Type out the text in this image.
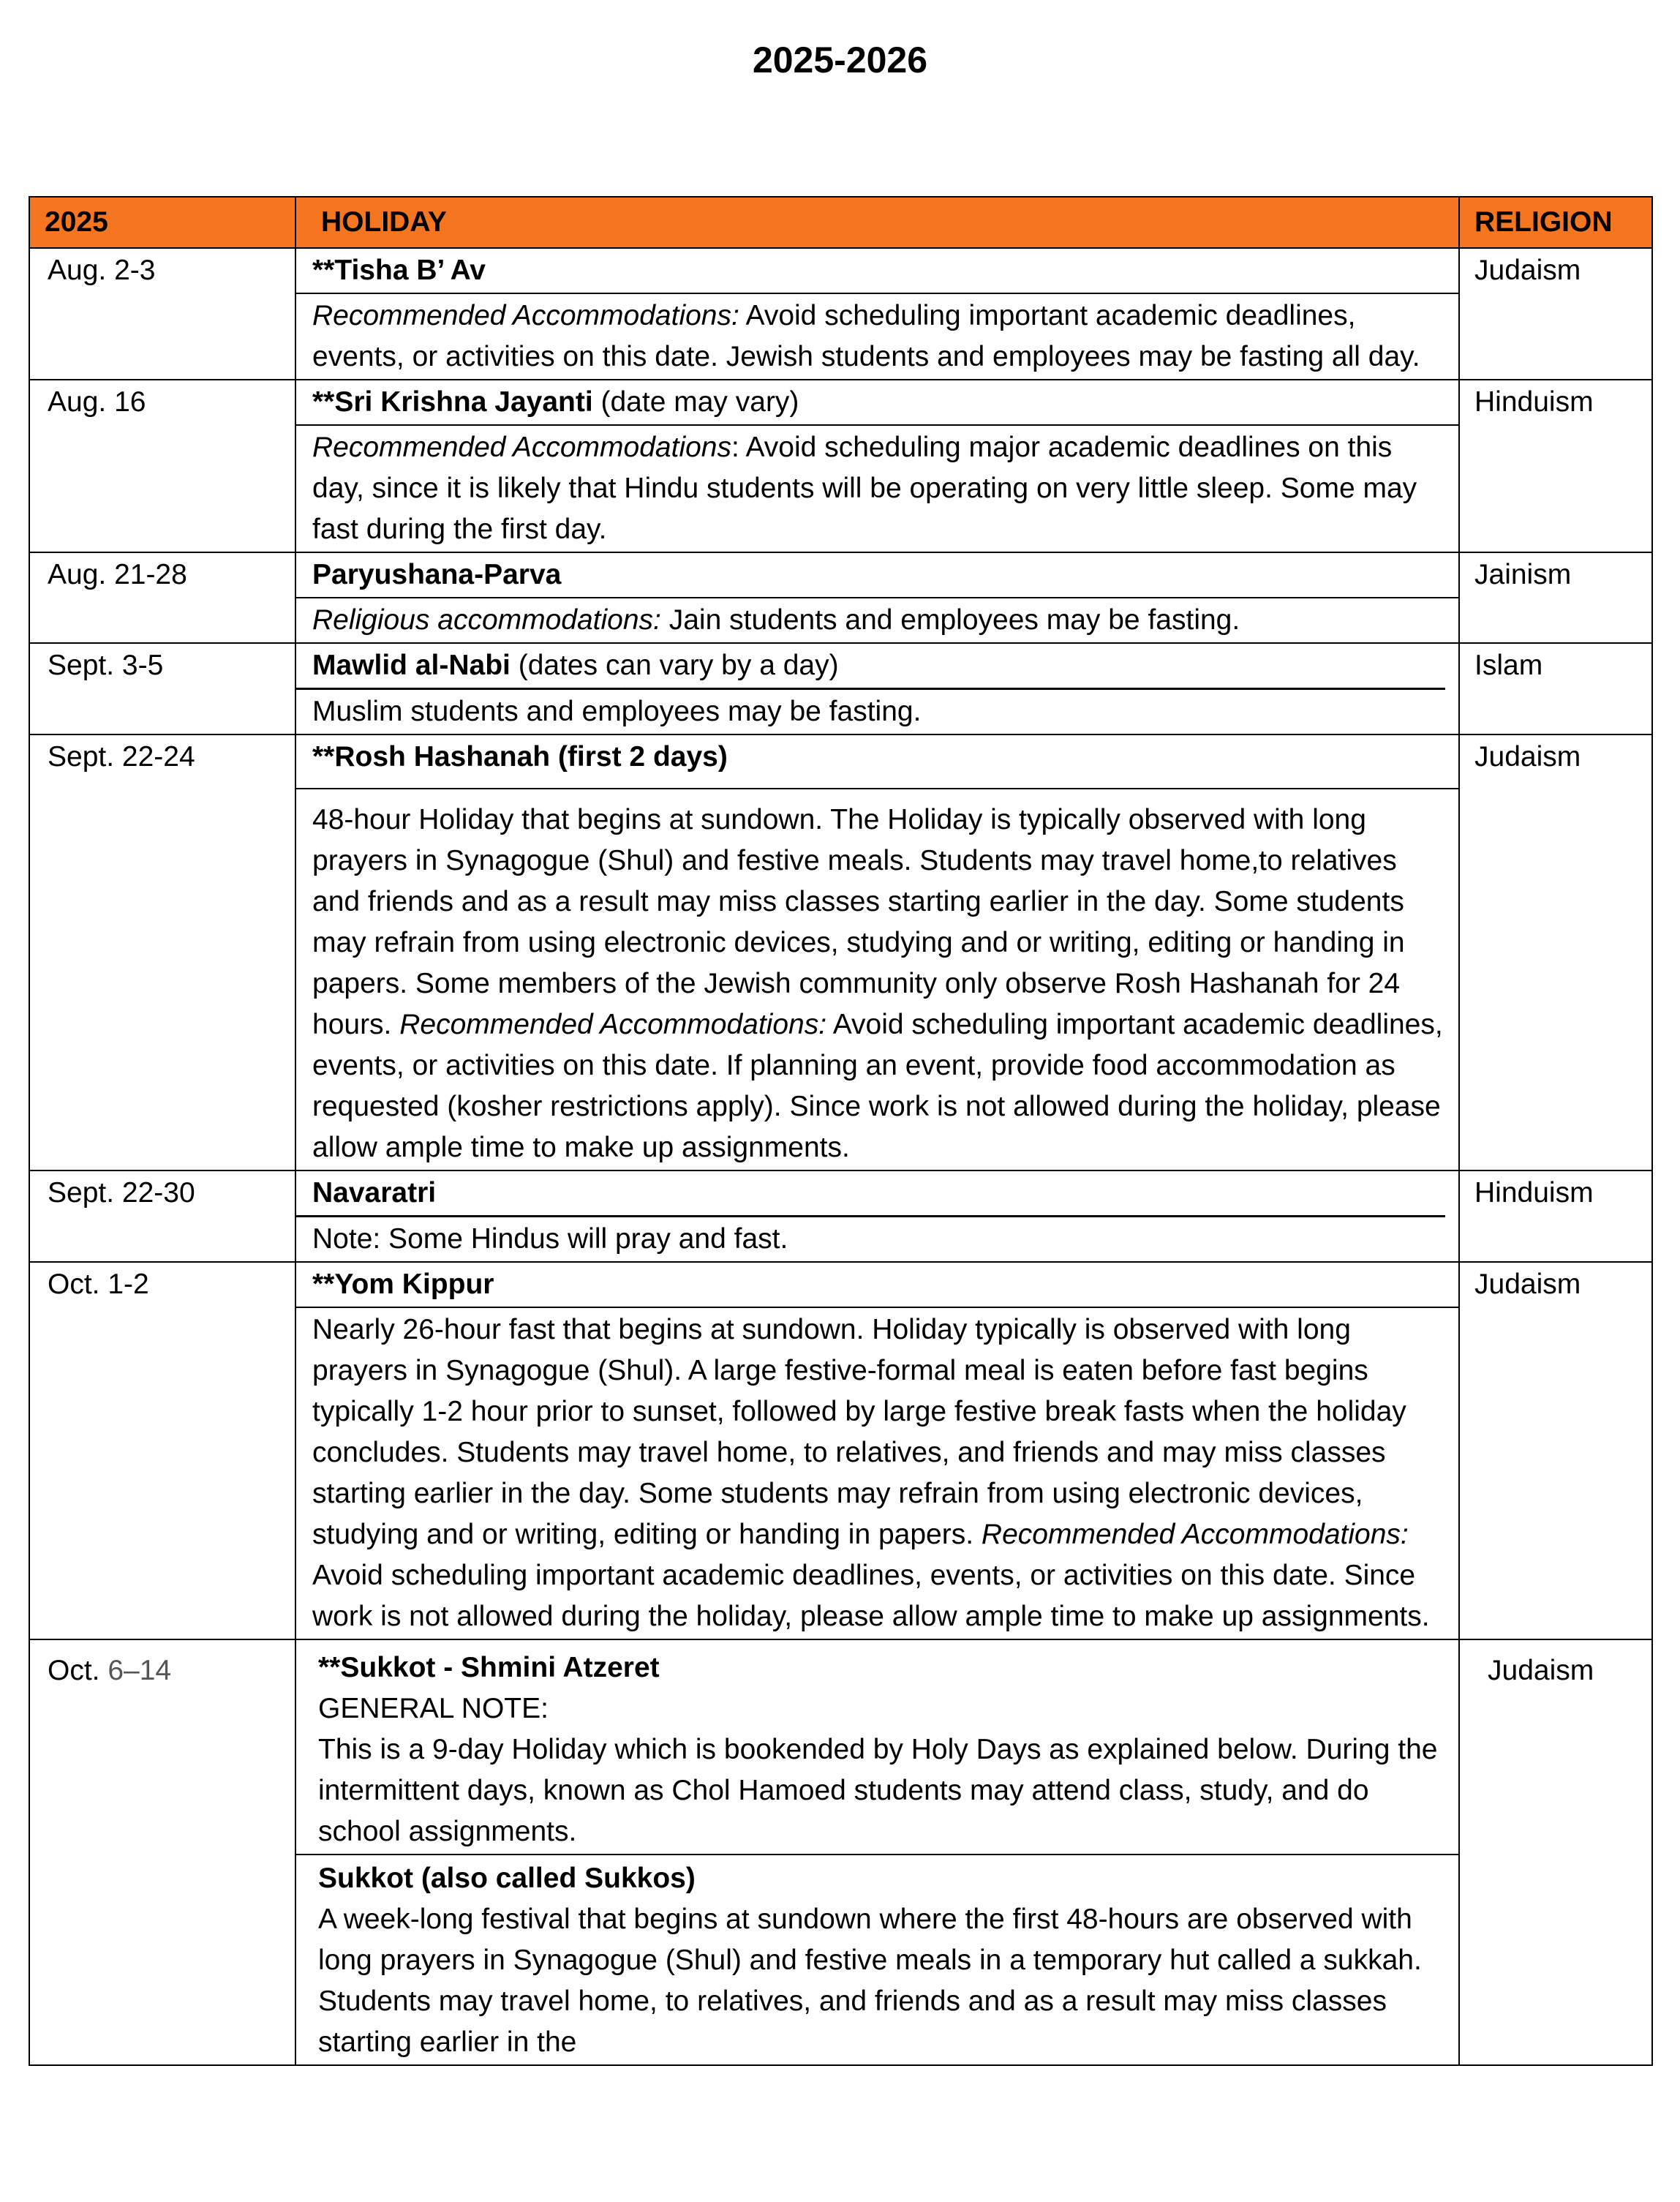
2025-2026
2025	HOLIDAY	RELIGION
Aug. 2-3	**Tisha B’ Av
Recommended Accommodations: Avoid scheduling important academic deadlines, events, or activities on this date. Jewish students and employees may be fasting all day.	Judaism
Aug. 16	**Sri Krishna Jayanti (date may vary)
Recommended Accommodations: Avoid scheduling major academic deadlines on this day, since it is likely that Hindu students will be operating on very little sleep. Some may fast during the first day.	Hinduism
Aug. 21-28	Paryushana-Parva
Religious accommodations: Jain students and employees may be fasting.	Jainism
Sept. 3-5	Mawlid al-Nabi (dates can vary by a day)
Muslim students and employees may be fasting.	Islam
Sept. 22-24	**Rosh Hashanah (first 2 days)
48-hour Holiday that begins at sundown. The Holiday is typically observed with long prayers in Synagogue (Shul) and festive meals. Students may travel home,to relatives and friends and as a result may miss classes starting earlier in the day. Some students may refrain from using electronic devices, studying and or writing, editing or handing in papers. Some members of the Jewish community only observe Rosh Hashanah for 24 hours. Recommended Accommodations: Avoid scheduling important academic deadlines, events, or activities on this date. If planning an event, provide food accommodation as requested (kosher restrictions apply). Since work is not allowed during the holiday, please allow ample time to make up assignments.	Judaism
Sept. 22-30	Navaratri
Note: Some Hindus will pray and fast.	Hinduism
Oct. 1-2	**Yom Kippur
Nearly 26-hour fast that begins at sundown. Holiday typically is observed with long prayers in Synagogue (Shul). A large festive-formal meal is eaten before fast begins typically 1-2 hour prior to sunset, followed by large festive break fasts when the holiday concludes. Students may travel home, to relatives, and friends and may miss classes starting earlier in the day. Some students may refrain from using electronic devices, studying and or writing, editing or handing in papers. Recommended Accommodations: Avoid scheduling important academic deadlines, events, or activities on this date. Since work is not allowed during the holiday, please allow ample time to make up assignments.	Judaism
Oct. 6–14	**Sukkot - Shmini Atzeret
GENERAL NOTE:
This is a 9-day Holiday which is bookended by Holy Days as explained below. During the intermittent days, known as Chol Hamoed students may attend class, study, and do school assignments.
Sukkot (also called Sukkos)
A week-long festival that begins at sundown where the first 48-hours are observed with long prayers in Synagogue (Shul) and festive meals in a temporary hut called a sukkah. Students may travel home, to relatives, and friends and as a result may miss classes starting earlier in the	Judaism
